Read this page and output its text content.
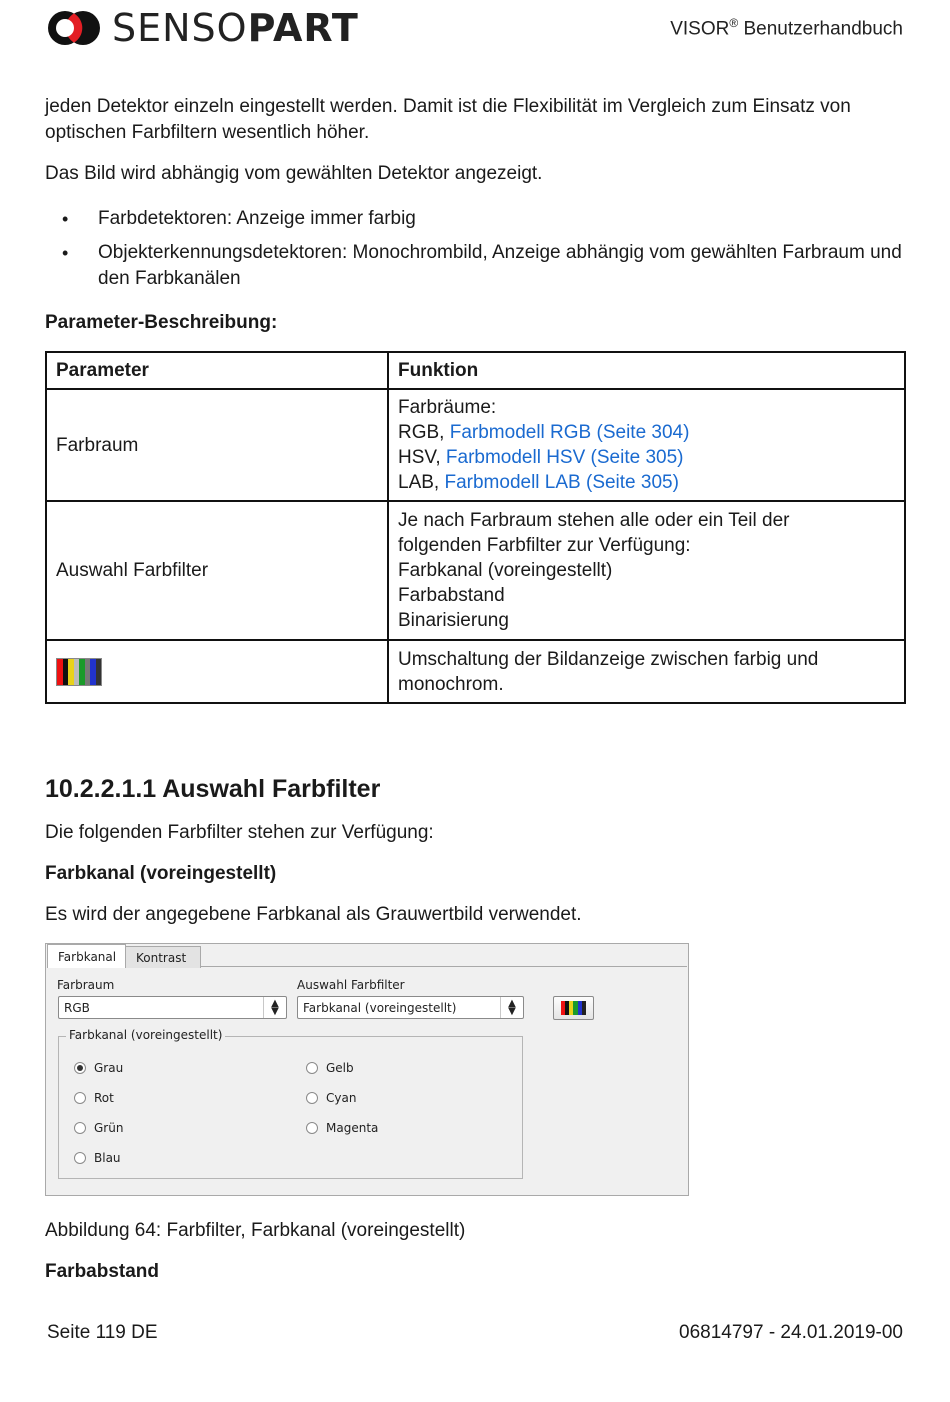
SENSOPART	VISOR® Benutzerhandbuch
jeden Detektor einzeln eingestellt werden. Damit ist die Flexibilität im Vergleich zum Einsatz von optischen Farbfiltern wesentlich höher.
Das Bild wird abhängig vom gewählten Detektor angezeigt.
• Farbdetektoren: Anzeige immer farbig
• Objekterkennungsdetektoren: Monochrombild, Anzeige abhängig vom gewählten Farbraum und den Farbkanälen
Parameter-Beschreibung:
Parameter	Funktion
Farbraum	Farbräume:
RGB, Farbmodell RGB (Seite 304)
HSV, Farbmodell HSV (Seite 305)
LAB, Farbmodell LAB (Seite 305)

Auswahl Farbfilter	Je nach Farbraum stehen alle oder ein Teil der
folgenden Farbfilter zur Verfügung:
Farbkanal (voreingestellt)
Farbabstand
Binarisierung

	Umschaltung der Bildanzeige zwischen farbig und monochrom.
10.2.2.1.1 Auswahl Farbfilter
Die folgenden Farbfilter stehen zur Verfügung:
Farbkanal (voreingestellt)
Es wird der angegebene Farbkanal als Grauwertbild verwendet.
Farbraum
RGB	▲
▼
Auswahl Farbfilter
Farbkanal (voreingestellt)	▲
▼
Farbkanal (voreingestellt)
Grau
Rot
Grün
Blau
Gelb
Cyan
Magenta
Farbkanal	Kontrast
Abbildung 64: Farbfilter, Farbkanal (voreingestellt)
Farbabstand
Seite 119 DE	06814797 - 24.01.2019-00
